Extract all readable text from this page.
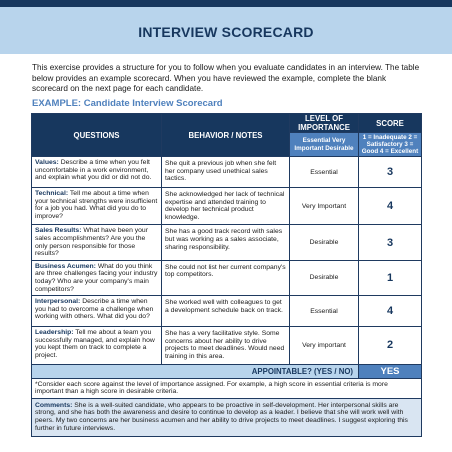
INTERVIEW SCORECARD

This exercise provides a structure for you to follow when you evaluate candidates in an interview. The table below provides an example scorecard. When you have reviewed the example, complete the blank scorecard on the next page for each candidate.

EXAMPLE: Candidate Interview Scorecard
QUESTIONS	BEHAVIOR / NOTES	LEVEL OF IMPORTANCE	SCORE
		Essential Very Important Desirable	1 = Inadequate 2 = Satisfactory 3 = Good 4 = Excellent
Values: Describe a time when you felt uncomfortable in a work environment, and explain what you did or did not do.	She quit a previous job when she felt her company used unethical sales tactics.	Essential	3
Technical: Tell me about a time when your technical strengths were insufficient for a job you had. What did you do to improve?	She acknowledged her lack of technical expertise and attended training to develop her technical product knowledge.	Very Important	4
Sales Results: What have been your sales accomplishments? Are you the only person responsible for those results?	She has a good track record with sales but was working as a sales associate, sharing responsibility.	Desirable	3
Business Acumen: What do you think are three challenges facing your industry today? Who are your company's main competitors?	She could not list her current company's top competitors.	Desirable	1
Interpersonal: Describe a time when you had to overcome a challenge when working with others. What did you do?	She worked well with colleagues to get a development schedule back on track.	Essential	4
Leadership: Tell me about a team you successfully managed, and explain how you kept them on track to complete a project.	She has a very facilitative style. Some concerns about her ability to drive projects to meet deadlines. Would need training in this area.	Very important	2
APPOINTABLE? (YES / NO)			YES
*Consider each score against the level of importance assigned. For example, a high score in essential criteria is more important than a high score in desirable criteria.			
Comments: She is a well-suited candidate, who appears to be proactive in self-development. Her interpersonal skills are strong, and she has both the awareness and desire to continue to develop as a leader. I believe that she will work well with peers. My two concerns are her business acumen and her ability to drive projects to meet deadlines. I suggest exploring this further in future interviews.			
